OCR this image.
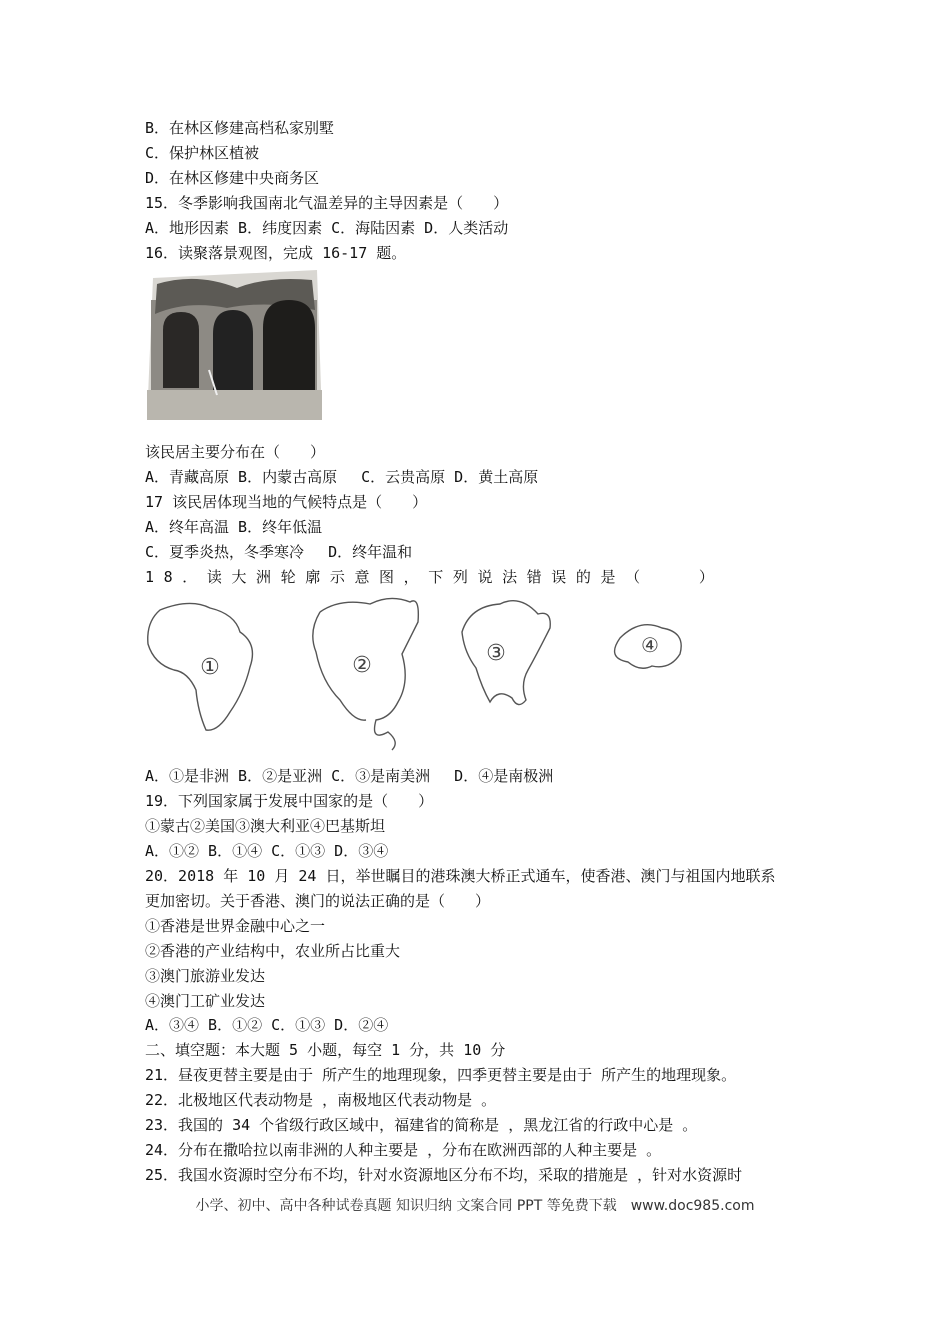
B．在林区修建高档私家别墅
C．保护林区植被
D．在林区修建中央商务区
15．冬季影响我国南北气温差异的主导因素是（　　）
A．地形因素 B．纬度因素 C．海陆因素 D．人类活动
16．读聚落景观图，完成 16-17 题。
该民居主要分布在（　　）
A．青藏高原 B．内蒙古高原　 C．云贵高原 D．黄土高原
17 该民居体现当地的气候特点是（　　）
A．终年高温 B．终年低温
C．夏季炎热，冬季寒冷　 D．终年温和
18．读大洲轮廓示意图，下列说法错误的是（　　）
①	②	③	④
A．①是非洲 B．②是亚洲 C．③是南美洲　 D．④是南极洲
19．下列国家属于发展中国家的是（　　）
①蒙古②美国③澳大利亚④巴基斯坦
A．①② B．①④ C．①③ D．③④
20．2018 年 10 月 24 日，举世瞩目的港珠澳大桥正式通车，使香港、澳门与祖国内地联系
更加密切。关于香港、澳门的说法正确的是（　　）
①香港是世界金融中心之一
②香港的产业结构中，农业所占比重大
③澳门旅游业发达
④澳门工矿业发达
A．③④ B．①② C．①③ D．②④
二、填空题：本大题 5 小题，每空 1 分，共 10 分
21．昼夜更替主要是由于 所产生的地理现象，四季更替主要是由于 所产生的地理现象。
22．北极地区代表动物是 ，南极地区代表动物是 。
23．我国的 34 个省级行政区域中，福建省的简称是 ，黑龙江省的行政中心是 。
24．分布在撒哈拉以南非洲的人种主要是 ，分布在欧洲西部的人种主要是 。
25．我国水资源时空分布不均，针对水资源地区分布不均，采取的措施是 ，针对水资源时
小学、初中、高中各种试卷真题 知识归纳 文案合同 PPT 等免费下载　www.doc985.com
